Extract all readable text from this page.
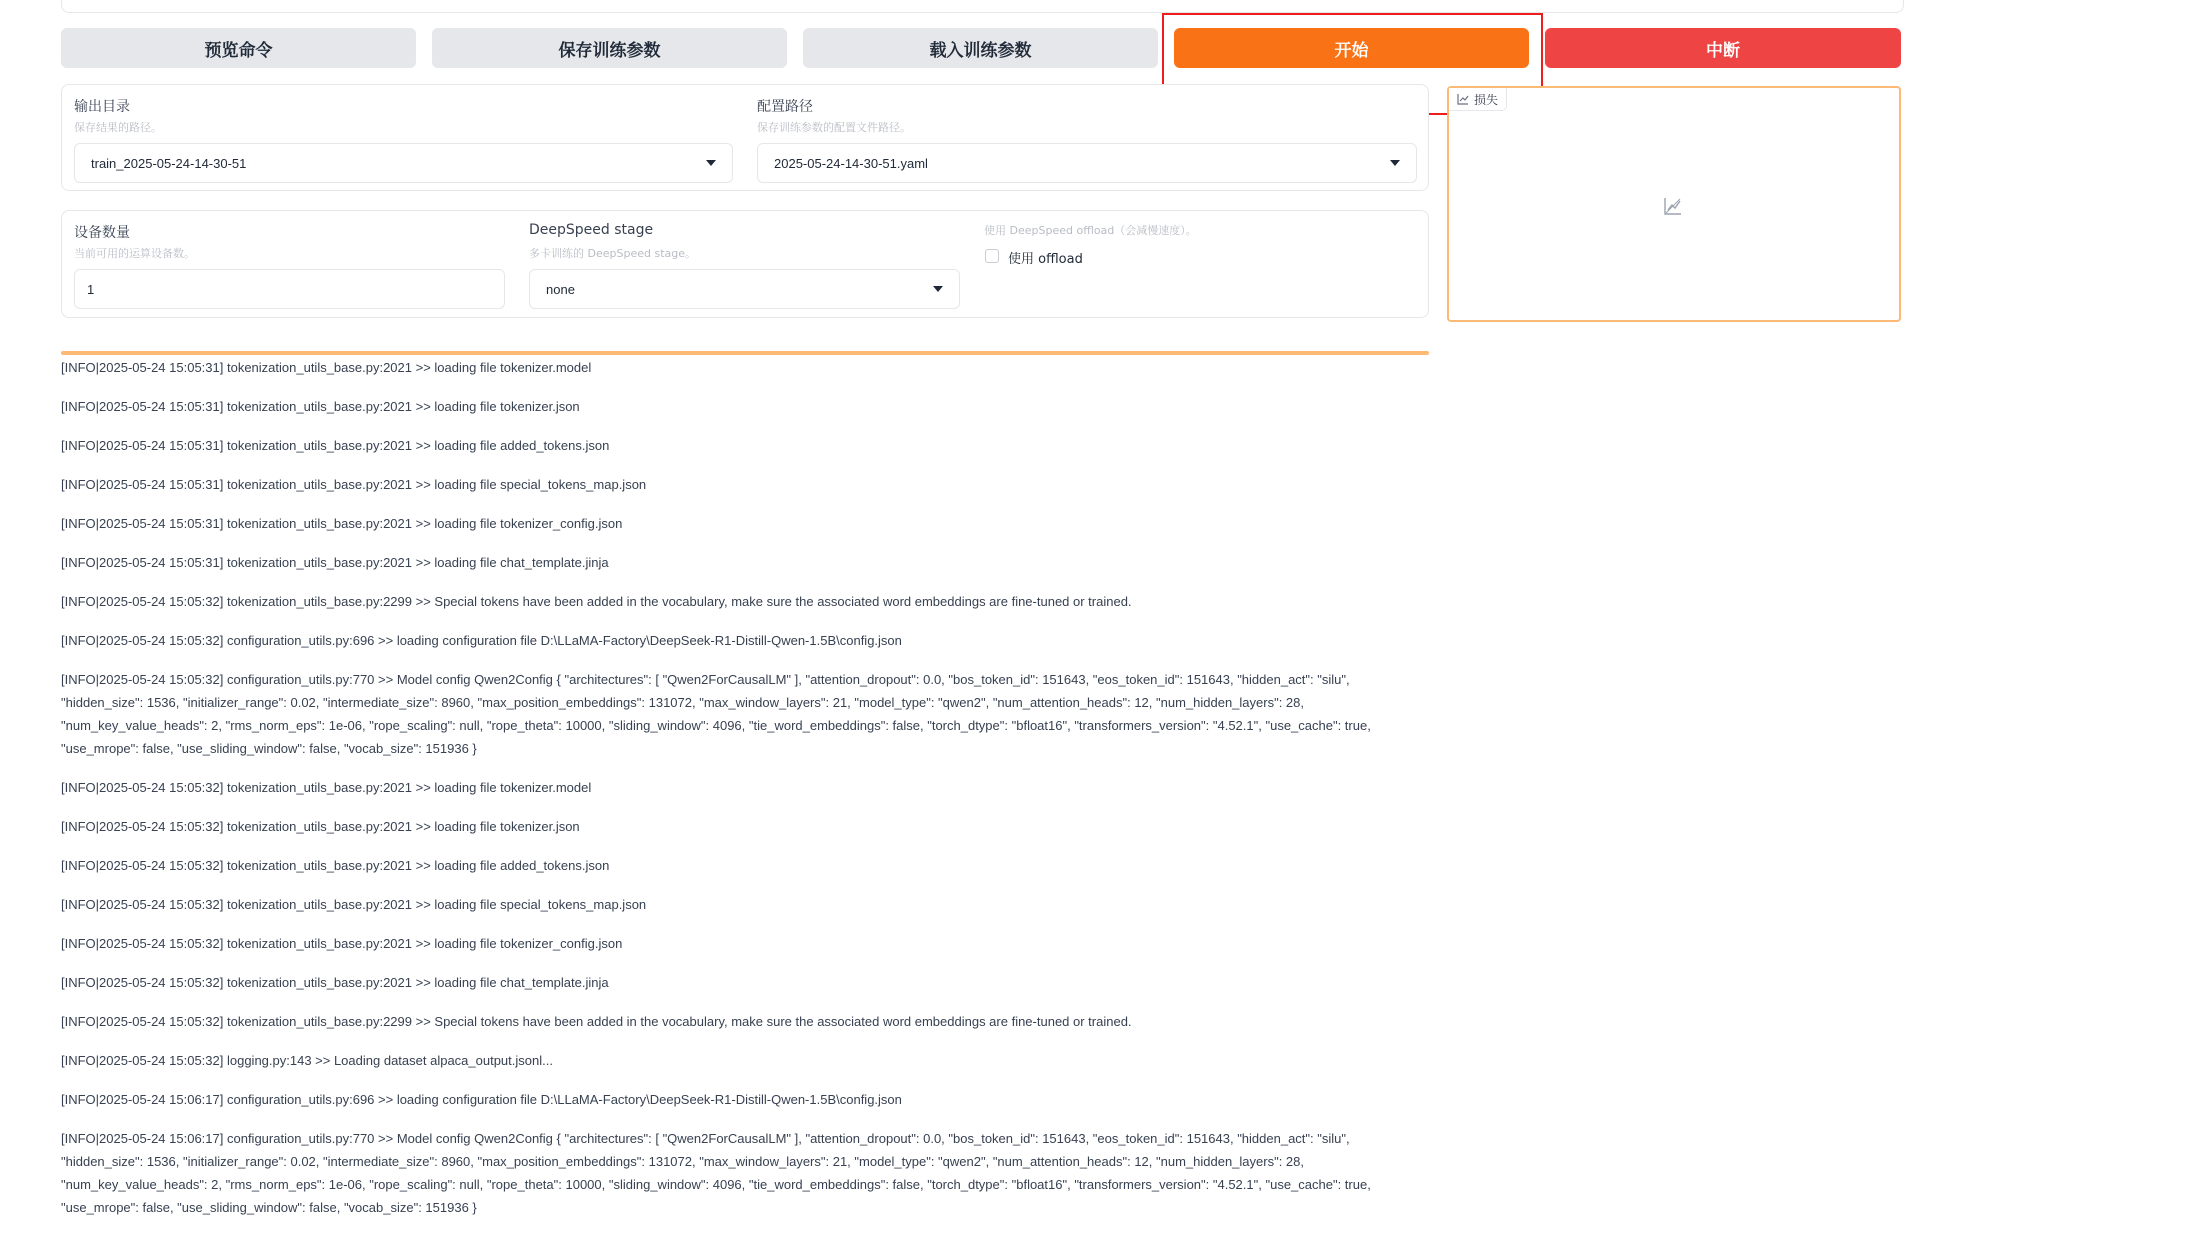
预览命令	保存训练参数	载入训练参数	开始	中断
输出目录
保存结果的路径。
train_2025-05-24-14-30-51
配置路径
保存训练参数的配置文件路径。
2025-05-24-14-30-51.yaml
设备数量
当前可用的运算设备数。
1
DeepSpeed stage
多卡训练的 DeepSpeed stage。
none
使用 DeepSpeed offload（会减慢速度）。
使用 offload
损失

[INFO|2025-05-24 15:05:31] tokenization_utils_base.py:2021 >> loading file tokenizer.model

[INFO|2025-05-24 15:05:31] tokenization_utils_base.py:2021 >> loading file tokenizer.json

[INFO|2025-05-24 15:05:31] tokenization_utils_base.py:2021 >> loading file added_tokens.json

[INFO|2025-05-24 15:05:31] tokenization_utils_base.py:2021 >> loading file special_tokens_map.json

[INFO|2025-05-24 15:05:31] tokenization_utils_base.py:2021 >> loading file tokenizer_config.json

[INFO|2025-05-24 15:05:31] tokenization_utils_base.py:2021 >> loading file chat_template.jinja

[INFO|2025-05-24 15:05:32] tokenization_utils_base.py:2299 >> Special tokens have been added in the vocabulary, make sure the associated word embeddings are fine-tuned or trained.

[INFO|2025-05-24 15:05:32] configuration_utils.py:696 >> loading configuration file D:\LLaMA-Factory\DeepSeek-R1-Distill-Qwen-1.5B\config.json

[INFO|2025-05-24 15:05:32] configuration_utils.py:770 >> Model config Qwen2Config { "architectures": [ "Qwen2ForCausalLM" ], "attention_dropout": 0.0, "bos_token_id": 151643, "eos_token_id": 151643, "hidden_act": "silu", "hidden_size": 1536, "initializer_range": 0.02, "intermediate_size": 8960, "max_position_embeddings": 131072, "max_window_layers": 21, "model_type": "qwen2", "num_attention_heads": 12, "num_hidden_layers": 28, "num_key_value_heads": 2, "rms_norm_eps": 1e-06, "rope_scaling": null, "rope_theta": 10000, "sliding_window": 4096, "tie_word_embeddings": false, "torch_dtype": "bfloat16", "transformers_version": "4.52.1", "use_cache": true, "use_mrope": false, "use_sliding_window": false, "vocab_size": 151936 }

[INFO|2025-05-24 15:05:32] tokenization_utils_base.py:2021 >> loading file tokenizer.model

[INFO|2025-05-24 15:05:32] tokenization_utils_base.py:2021 >> loading file tokenizer.json

[INFO|2025-05-24 15:05:32] tokenization_utils_base.py:2021 >> loading file added_tokens.json

[INFO|2025-05-24 15:05:32] tokenization_utils_base.py:2021 >> loading file special_tokens_map.json

[INFO|2025-05-24 15:05:32] tokenization_utils_base.py:2021 >> loading file tokenizer_config.json

[INFO|2025-05-24 15:05:32] tokenization_utils_base.py:2021 >> loading file chat_template.jinja

[INFO|2025-05-24 15:05:32] tokenization_utils_base.py:2299 >> Special tokens have been added in the vocabulary, make sure the associated word embeddings are fine-tuned or trained.

[INFO|2025-05-24 15:05:32] logging.py:143 >> Loading dataset alpaca_output.jsonl...

[INFO|2025-05-24 15:06:17] configuration_utils.py:696 >> loading configuration file D:\LLaMA-Factory\DeepSeek-R1-Distill-Qwen-1.5B\config.json

[INFO|2025-05-24 15:06:17] configuration_utils.py:770 >> Model config Qwen2Config { "architectures": [ "Qwen2ForCausalLM" ], "attention_dropout": 0.0, "bos_token_id": 151643, "eos_token_id": 151643, "hidden_act": "silu", "hidden_size": 1536, "initializer_range": 0.02, "intermediate_size": 8960, "max_position_embeddings": 131072, "max_window_layers": 21, "model_type": "qwen2", "num_attention_heads": 12, "num_hidden_layers": 28, "num_key_value_heads": 2, "rms_norm_eps": 1e-06, "rope_scaling": null, "rope_theta": 10000, "sliding_window": 4096, "tie_word_embeddings": false, "torch_dtype": "bfloat16", "transformers_version": "4.52.1", "use_cache": true, "use_mrope": false, "use_sliding_window": false, "vocab_size": 151936 }
